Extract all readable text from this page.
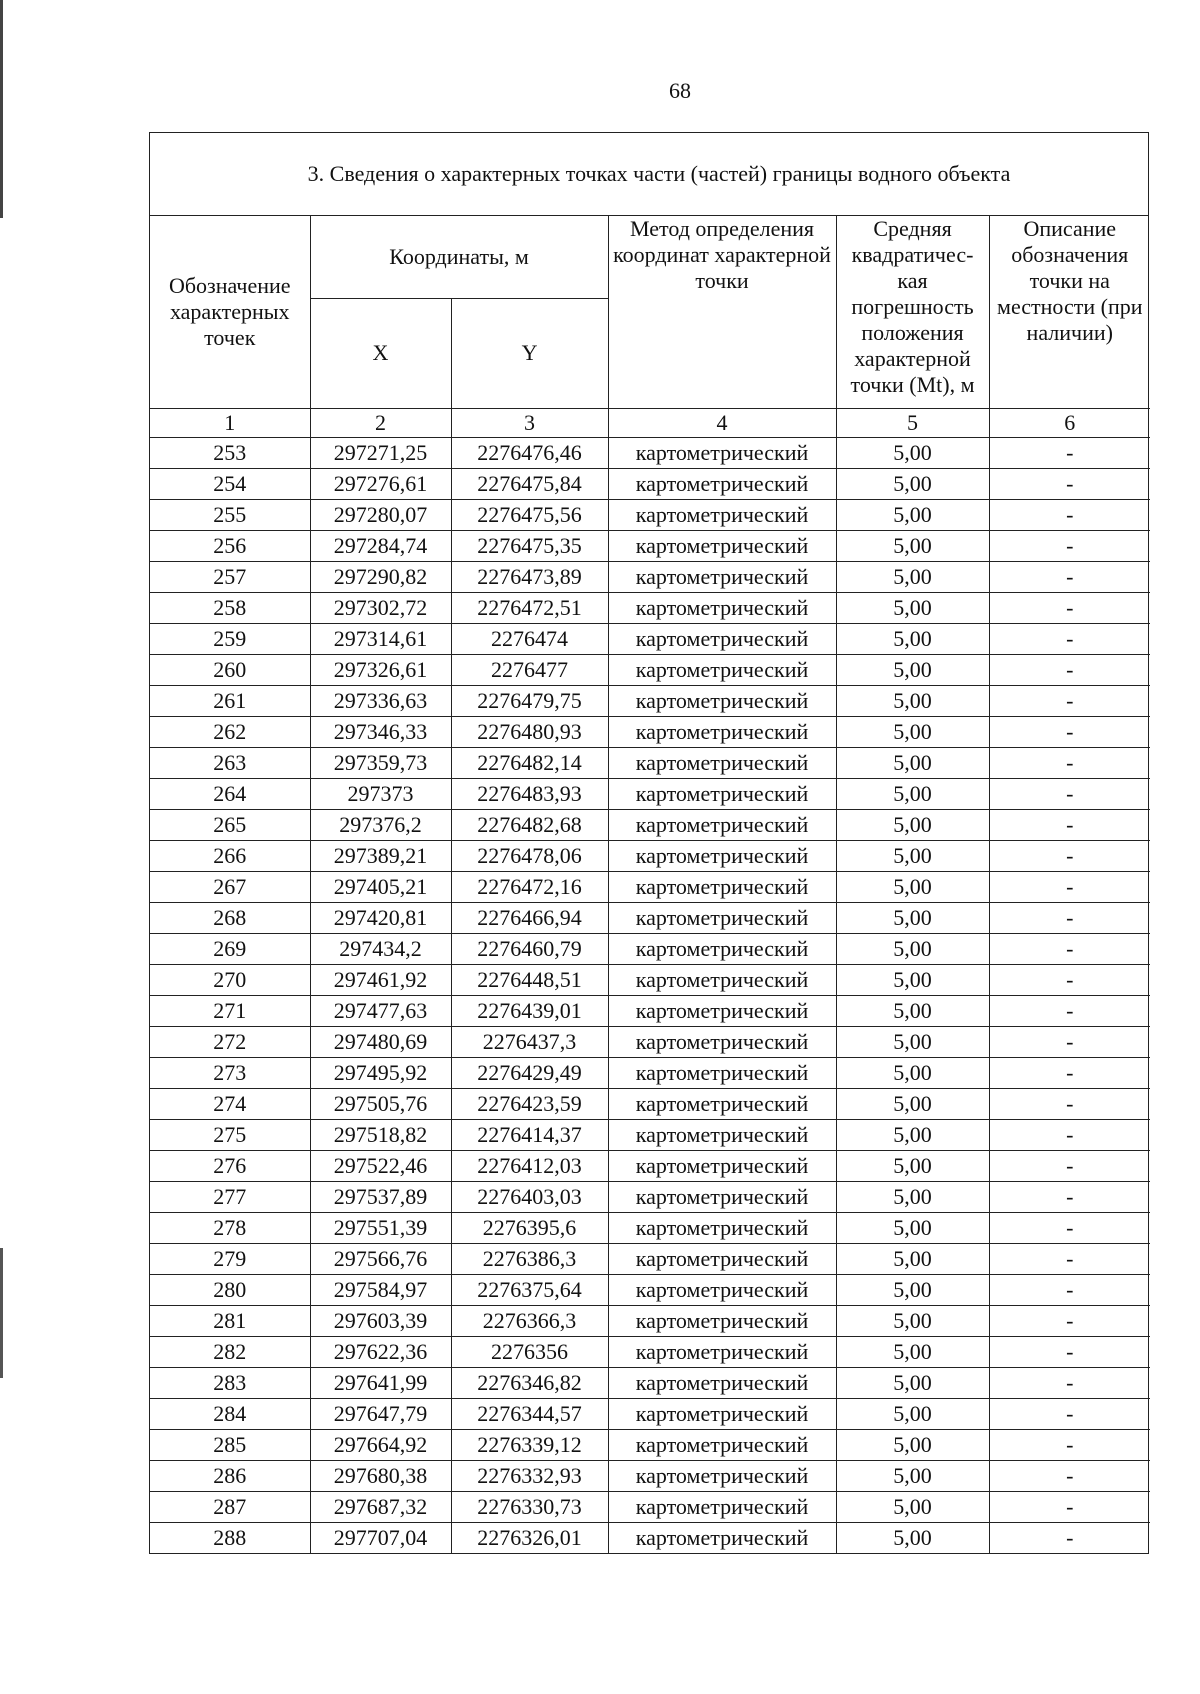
68
3. Сведения о характерных точках части (частей) границы водного объекта
Обозначение характерных точек	Координаты, м		Метод определения координат характерной точки	Средняя квадратичес-кая погрешность положения характерной точки (Mt), м	Описание обозначения точки на местности (при наличии)

	X	Y			
1	2	3	4	5	6
253	297271,25	2276476,46	картометрический	5,00	-
254	297276,61	2276475,84	картометрический	5,00	-
255	297280,07	2276475,56	картометрический	5,00	-
256	297284,74	2276475,35	картометрический	5,00	-
257	297290,82	2276473,89	картометрический	5,00	-
258	297302,72	2276472,51	картометрический	5,00	-
259	297314,61	2276474	картометрический	5,00	-
260	297326,61	2276477	картометрический	5,00	-
261	297336,63	2276479,75	картометрический	5,00	-
262	297346,33	2276480,93	картометрический	5,00	-
263	297359,73	2276482,14	картометрический	5,00	-
264	297373	2276483,93	картометрический	5,00	-
265	297376,2	2276482,68	картометрический	5,00	-
266	297389,21	2276478,06	картометрический	5,00	-
267	297405,21	2276472,16	картометрический	5,00	-
268	297420,81	2276466,94	картометрический	5,00	-
269	297434,2	2276460,79	картометрический	5,00	-
270	297461,92	2276448,51	картометрический	5,00	-
271	297477,63	2276439,01	картометрический	5,00	-
272	297480,69	2276437,3	картометрический	5,00	-
273	297495,92	2276429,49	картометрический	5,00	-
274	297505,76	2276423,59	картометрический	5,00	-
275	297518,82	2276414,37	картометрический	5,00	-
276	297522,46	2276412,03	картометрический	5,00	-
277	297537,89	2276403,03	картометрический	5,00	-
278	297551,39	2276395,6	картометрический	5,00	-
279	297566,76	2276386,3	картометрический	5,00	-
280	297584,97	2276375,64	картометрический	5,00	-
281	297603,39	2276366,3	картометрический	5,00	-
282	297622,36	2276356	картометрический	5,00	-
283	297641,99	2276346,82	картометрический	5,00	-
284	297647,79	2276344,57	картометрический	5,00	-
285	297664,92	2276339,12	картометрический	5,00	-
286	297680,38	2276332,93	картометрический	5,00	-
287	297687,32	2276330,73	картометрический	5,00	-
288	297707,04	2276326,01	картометрический	5,00	-
